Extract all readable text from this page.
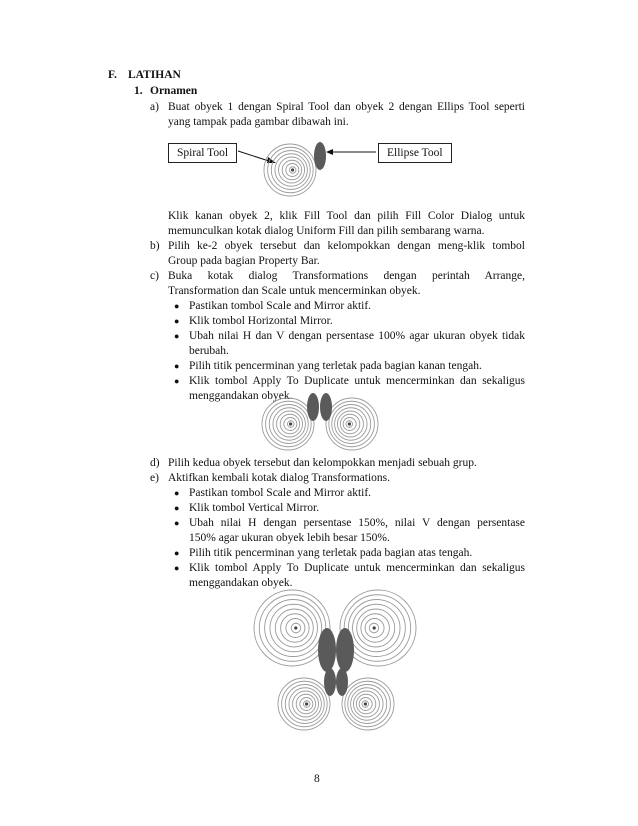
F. LATIHAN
1. Ornamen
a) Buat obyek 1 dengan Spiral Tool dan obyek 2 dengan Ellips Tool seperti
yang tampak pada gambar dibawah ini.
Spiral Tool	Ellipse Tool
Klik kanan obyek 2, klik Fill Tool dan pilih Fill Color Dialog untuk
memunculkan kotak dialog Uniform Fill dan pilih sembarang warna.
b) Pilih ke-2 obyek tersebut dan kelompokkan dengan meng-klik tombol
Group pada bagian Property Bar.
c) Buka kotak dialog Transformations dengan perintah Arrange,
Transformation dan Scale untuk mencerminkan obyek.
● Pastikan tombol Scale and Mirror aktif.
● Klik tombol Horizontal Mirror.
● Ubah nilai H dan V dengan persentase 100% agar ukuran obyek tidak
berubah.
● Pilih titik pencerminan yang terletak pada bagian kanan tengah.
● Klik tombol Apply To Duplicate untuk mencerminkan dan sekaligus
menggandakan obyek.
d) Pilih kedua obyek tersebut dan kelompokkan menjadi sebuah grup.
e) Aktifkan kembali kotak dialog Transformations.
● Pastikan tombol Scale and Mirror aktif.
● Klik tombol Vertical Mirror.
● Ubah nilai H dengan persentase 150%, nilai V dengan persentase
150% agar ukuran obyek lebih besar 150%.
● Pilih titik pencerminan yang terletak pada bagian atas tengah.
● Klik tombol Apply To Duplicate untuk mencerminkan dan sekaligus
menggandakan obyek.
8
